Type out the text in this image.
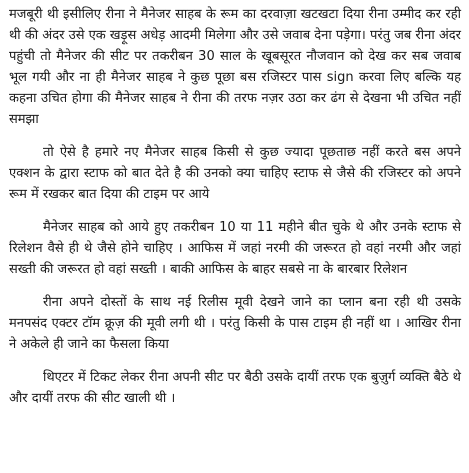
मजबूरी थी इसीलिए रीना ने मैनेजर साहब के रूम का दरवाज़ा खटखटा दिया रीना उम्मीद कर रही थी की अंदर उसे एक खड़ूस अधेड़ आदमी मिलेगा और उसे जवाब देना पड़ेगा। परंतु जब रीना अंदर पहुंची तो मैनेजर की सीट पर तकरीबन 30 साल के खूबसूरत नौजवान को देख कर सब जवाब भूल गयी और ना ही मैनेजर साहब ने कुछ पूछा बस रजिस्टर पास sign करवा लिए बल्कि यह कहना उचित होगा की मैनेजर साहब ने रीना की तरफ नज़र उठा कर ढंग से देखना भी उचित नहीं समझा

तो ऐसे है हमारे नए मैनेजर साहब किसी से कुछ ज्यादा पूछताछ नहीं करते बस अपने एक्शन के द्वारा स्टाफ को बात देते है की उनको क्या चाहिए स्टाफ से जैसे की रजिस्टर को अपने रूम में रखकर बात दिया की टाइम पर आये

मैनेजर साहब को आये हुए तकरीबन 10 या 11 महीने बीत चुके थे और उनके स्टाफ से रिलेशन वैसे ही थे जैसे होने चाहिए । आफिस में जहां नरमी की जरूरत हो वहां नरमी और जहां सख्ती की जरूरत हो वहां सख्ती । बाकी आफिस के बाहर सबसे ना के बारबार रिलेशन

रीना अपने दोस्तों के साथ नई रिलीस मूवी देखने जाने का प्लान बना रही थी उसके मनपसंद एक्टर टॉम क्रूज़ की मूवी लगी थी । परंतु किसी के पास टाइम ही नहीं था । आखिर रीना ने अकेले ही जाने का फैसला किया

थिएटर में टिकट लेकर रीना अपनी सीट पर बैठी उसके दायीं तरफ एक बुज़ुर्ग व्यक्ति बैठे थे और दायीं तरफ की सीट खाली थी ।
